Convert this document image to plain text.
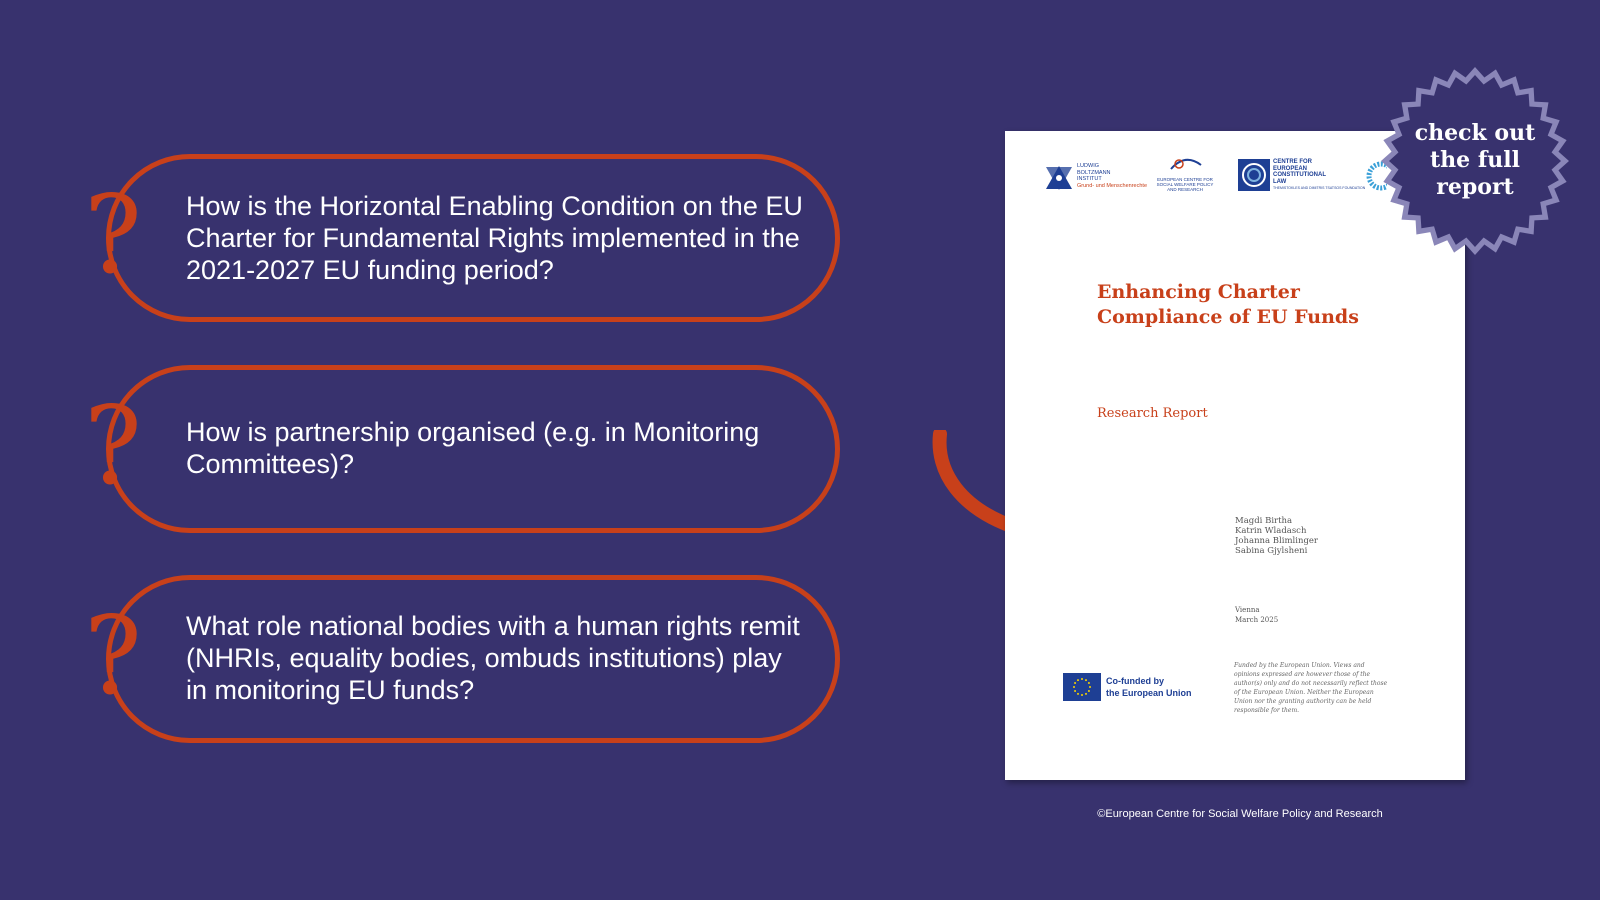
? How is the Horizontal Enabling Condition on the EU Charter for Fundamental Rights implemented in the 2021-2027 EU funding period?
? How is partnership organised (e.g. in Monitoring Committees)?
? What role national bodies with a human rights remit (NHRIs, equality bodies, ombuds institutions) play in monitoring EU funds?
LUDWIG
BOLTZMANN
INSTITUT
Grund- und Menschenrechte
EUROPEAN CENTRE FOR
SOCIAL WELFARE POLICY
AND RESEARCH
CENTRE FOR
EUROPEAN
CONSTITUTIONAL
LAW
THEMISTOKLES AND DIMITRIS TSATSOS FOUNDATION
Enhancing Charter
Compliance of EU Funds
Research Report
Magdi Birtha
Katrin Wladasch
Johanna Blimlinger
Sabina Gjylsheni
Vienna
March 2025
Co-funded by
the European Union
Funded by the European Union. Views and opinions expressed are however those of the author(s) only and do not necessarily reflect those of the European Union. Neither the European Union nor the granting authority can be held responsible for them.
check out
the full
report
©European Centre for Social Welfare Policy and Research
